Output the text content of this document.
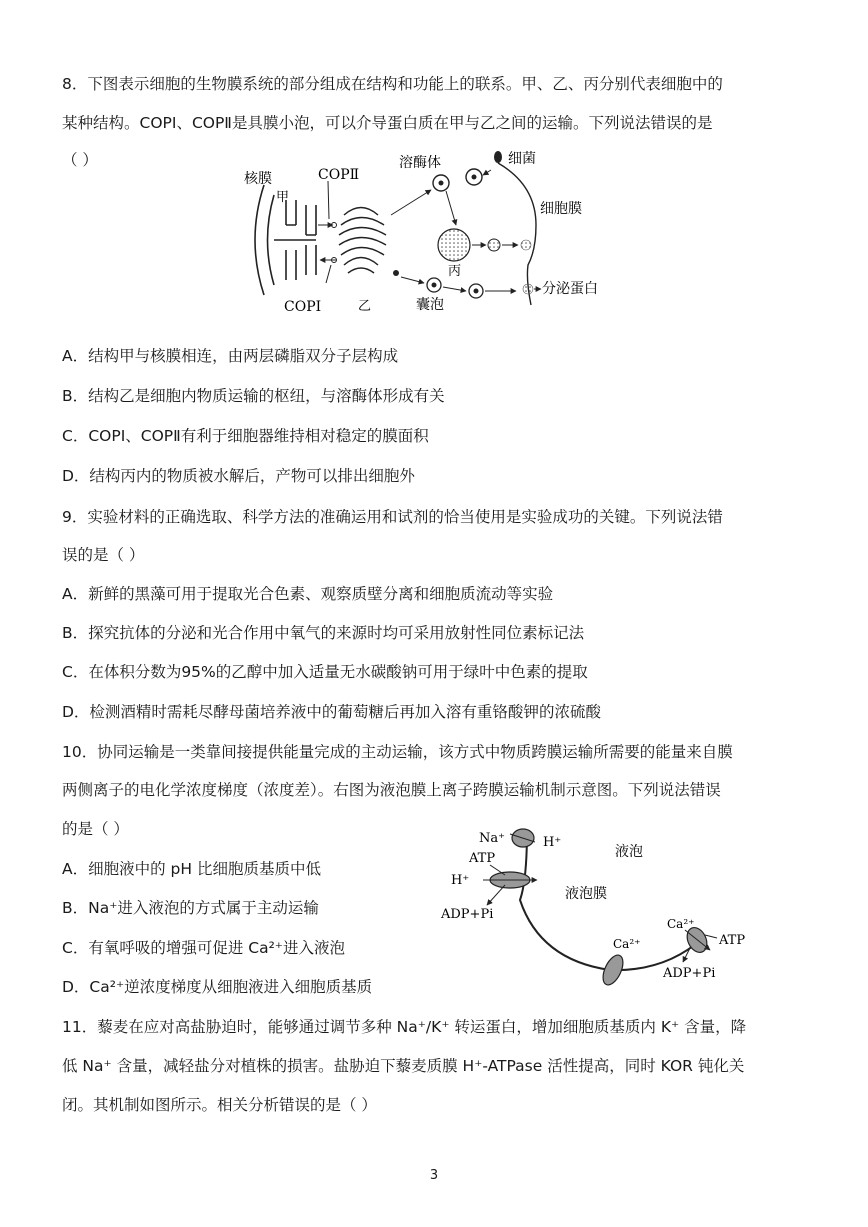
8．下图表示细胞的生物膜系统的部分组成在结构和功能上的联系。甲、乙、丙分别代表细胞中的
某种结构。COPⅠ、COPⅡ是具膜小泡，可以介导蛋白质在甲与乙之间的运输。下列说法错误的是
（ ）
核膜
甲
COPⅡ
COPⅠ	乙
溶酶体	细菌
细胞膜
丙
囊泡
分泌蛋白
A．结构甲与核膜相连，由两层磷脂双分子层构成
B．结构乙是细胞内物质运输的枢纽，与溶酶体形成有关
C．COPⅠ、COPⅡ有利于细胞器维持相对稳定的膜面积
D．结构丙内的物质被水解后，产物可以排出细胞外
9．实验材料的正确选取、科学方法的准确运用和试剂的恰当使用是实验成功的关键。下列说法错
误的是（ ）
A．新鲜的黑藻可用于提取光合色素、观察质壁分离和细胞质流动等实验
B．探究抗体的分泌和光合作用中氧气的来源时均可采用放射性同位素标记法
C．在体积分数为95%的乙醇中加入适量无水碳酸钠可用于绿叶中色素的提取
D．检测酒精时需耗尽酵母菌培养液中的葡萄糖后再加入溶有重铬酸钾的浓硫酸
10．协同运输是一类靠间接提供能量完成的主动运输，该方式中物质跨膜运输所需要的能量来自膜
两侧离子的电化学浓度梯度（浓度差）。右图为液泡膜上离子跨膜运输机制示意图。下列说法错误
的是（ ）
A．细胞液中的 pH 比细胞质基质中低
B．Na⁺进入液泡的方式属于主动运输
C．有氧呼吸的增强可促进 Ca²⁺进入液泡
D．Ca²⁺逆浓度梯度从细胞液进入细胞质基质
Na⁺	H⁺
ATP
H⁺
ADP+Pi
液泡
液泡膜
Ca²⁺
Ca²⁺
ATP
ADP+Pi
11．藜麦在应对高盐胁迫时，能够通过调节多种 Na⁺/K⁺ 转运蛋白，增加细胞质基质内 K⁺ 含量，降
低 Na⁺ 含量，减轻盐分对植株的损害。盐胁迫下藜麦质膜 H⁺-ATPase 活性提高，同时 KOR 钝化关
闭。其机制如图所示。相关分析错误的是（ ）
3
